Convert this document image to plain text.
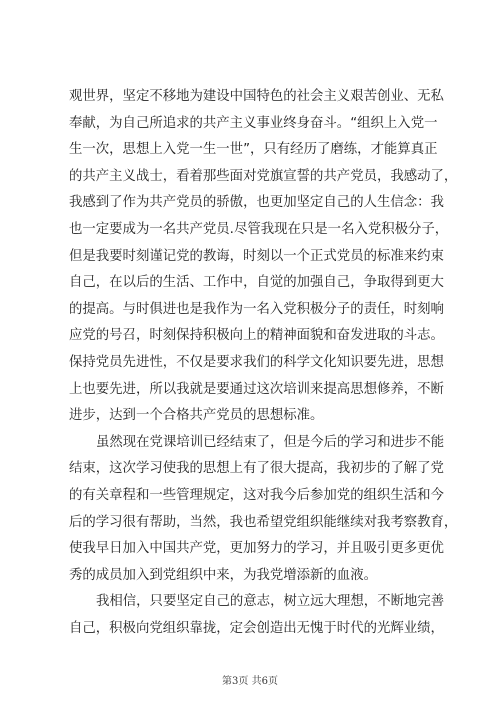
观世界，坚定不移地为建设中国特色的社会主义艰苦创业、无私
奉献，为自己所追求的共产主义事业终身奋斗。“组织上入党一
生一次，思想上入党一生一世”，只有经历了磨练，才能算真正
的共产主义战士，看着那些面对党旗宣誓的共产党员，我感动了，
我感到了作为共产党员的骄傲，也更加坚定自己的人生信念：我
也一定要成为一名共产党员.尽管我现在只是一名入党积极分子，
但是我要时刻谨记党的教诲，时刻以一个正式党员的标准来约束
自己，在以后的生活、工作中，自觉的加强自己，争取得到更大
的提高。与时俱进也是我作为一名入党积极分子的责任，时刻响
应党的号召，时刻保持积极向上的精神面貌和奋发进取的斗志。
保持党员先进性，不仅是要求我们的科学文化知识要先进，思想
上也要先进，所以我就是要通过这次培训来提高思想修养，不断
进步，达到一个合格共产党员的思想标准。
虽然现在党课培训已经结束了，但是今后的学习和进步不能
结束，这次学习使我的思想上有了很大提高，我初步的了解了党
的有关章程和一些管理规定，这对我今后参加党的组织生活和今
后的学习很有帮助，当然，我也希望党组织能继续对我考察教育，
使我早日加入中国共产党，更加努力的学习，并且吸引更多更优
秀的成员加入到党组织中来，为我党增添新的血液。
我相信，只要坚定自己的意志，树立远大理想，不断地完善
自己，积极向党组织靠拢，定会创造出无愧于时代的光辉业绩，
第3页 共6页
